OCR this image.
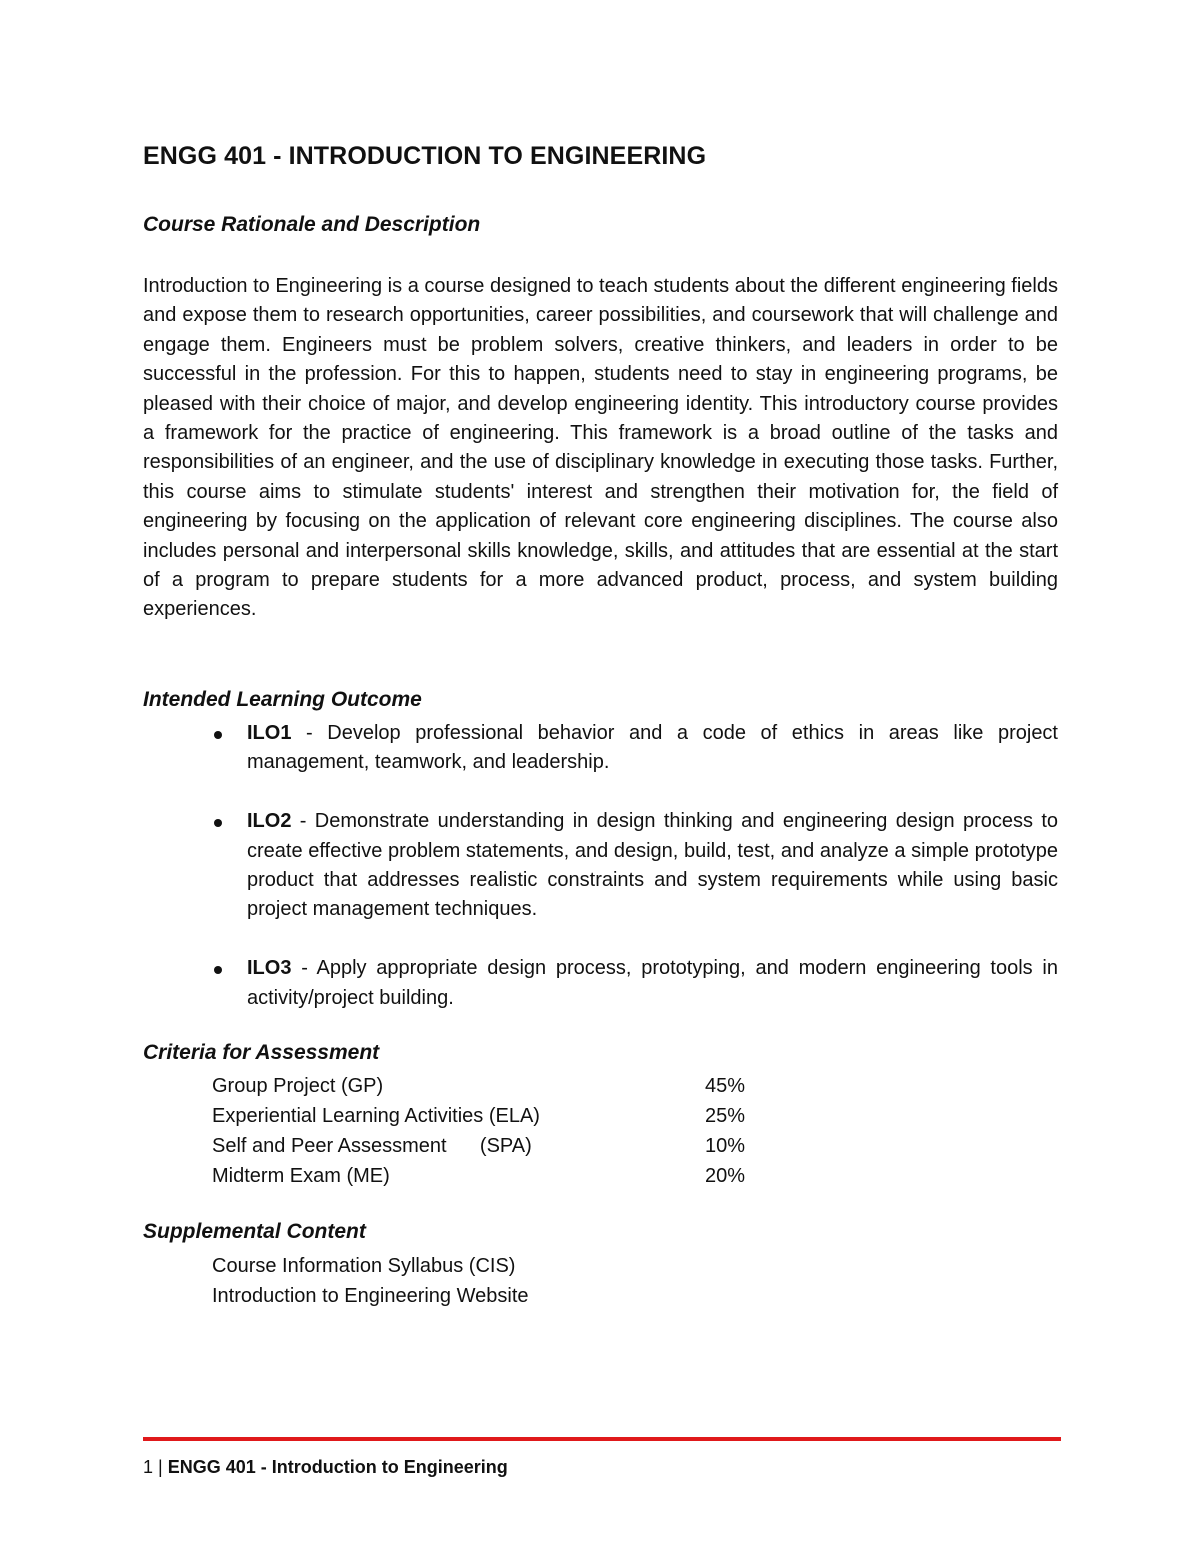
ENGG 401 - INTRODUCTION TO ENGINEERING
Course Rationale and Description

Introduction to Engineering is a course designed to teach students about the different engineering fields and expose them to research opportunities, career possibilities, and coursework that will challenge and engage them. Engineers must be problem solvers, creative thinkers, and leaders in order to be successful in the profession. For this to happen, students need to stay in engineering programs, be pleased with their choice of major, and develop engineering identity. This introductory course provides a framework for the practice of engineering. This framework is a broad outline of the tasks and responsibilities of an engineer, and the use of disciplinary knowledge in executing those tasks. Further, this course aims to stimulate students' interest and strengthen their motivation for, the field of engineering by focusing on the application of relevant core engineering disciplines. The course also includes personal and interpersonal skills knowledge, skills, and attitudes that are essential at the start of a program to prepare students for a more advanced product, process, and system building experiences.

Intended Learning Outcome
ILO1 - Develop professional behavior and a code of ethics in areas like project management, teamwork, and leadership.
ILO2 - Demonstrate understanding in design thinking and engineering design process to create effective problem statements, and design, build, test, and analyze a simple prototype product that addresses realistic constraints and system requirements while using basic project management techniques.
ILO3 - Apply appropriate design process, prototyping, and modern engineering tools in activity/project building.
Criteria for Assessment
Group Project (GP)	45%
Experiential Learning Activities (ELA)	25%
Self and Peer Assessment      (SPA)	10%
Midterm Exam (ME)	20%
Supplemental Content
Course Information Syllabus (CIS)
Introduction to Engineering Website

1 | ENGG 401 - Introduction to Engineering
